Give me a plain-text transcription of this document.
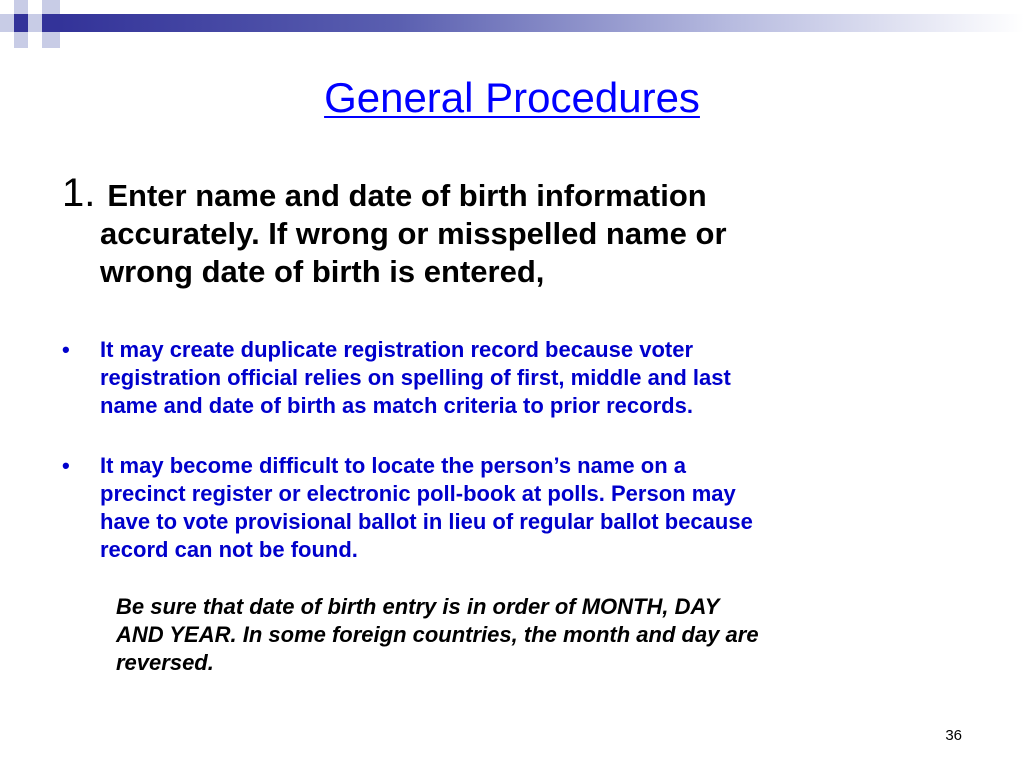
General Procedures
1. Enter name and date of birth information
accurately. If wrong or misspelled name or
wrong date of birth is entered,
• It may create duplicate registration record because voter
registration official relies on spelling of first, middle and last
name and date of birth as match criteria to prior records.
• It may become difficult to locate the person’s name on a
precinct register or electronic poll-book at polls. Person may
have to vote provisional ballot in lieu of regular ballot because
record can not be found.
Be sure that date of birth entry is in order of MONTH, DAY
AND YEAR. In some foreign countries, the month and day are
reversed.
36
